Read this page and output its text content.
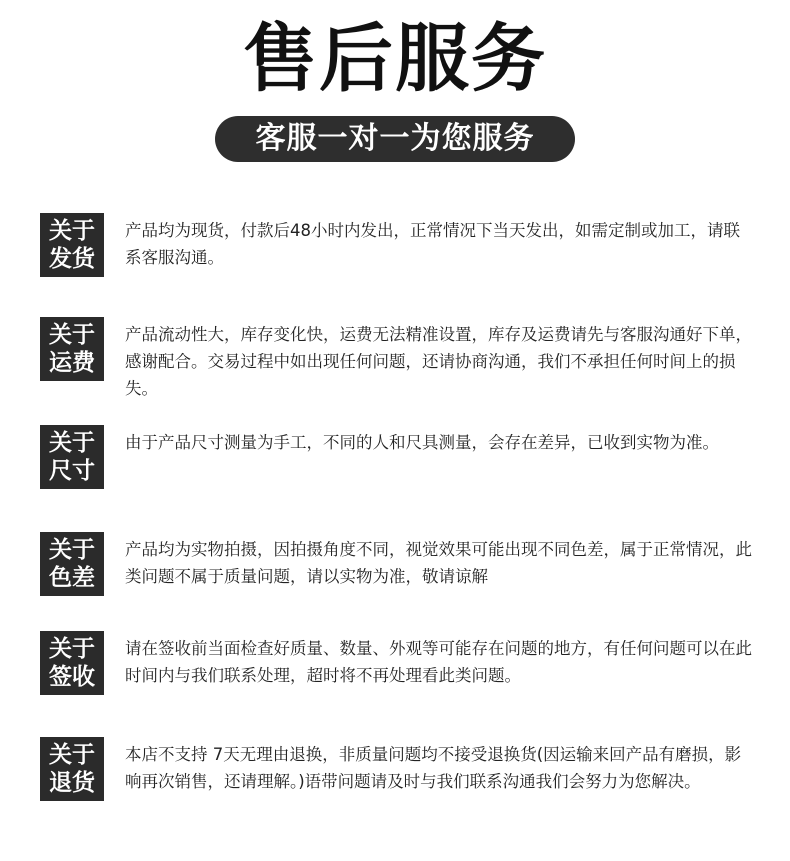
售后服务
客服一对一为您服务
关于
发货
产品均为现货，付款后48小时内发出，正常情况下当天发出，如需定制或加工，请联系客服沟通。
关于
运费
产品流动性大，库存变化快，运费无法精准设置，库存及运费请先与客服沟通好下单，感谢配合。交易过程中如出现任何问题，还请协商沟通，我们不承担任何时间上的损失。
关于
尺寸
由于产品尺寸测量为手工，不同的人和尺具测量，会存在差异，已收到实物为准。
关于
色差
产品均为实物拍摄，因拍摄角度不同，视觉效果可能出现不同色差，属于正常情况，此类问题不属于质量问题，请以实物为准，敬请谅解
关于
签收
请在签收前当面检查好质量、数量、外观等可能存在问题的地方，有任何问题可以在此时间内与我们联系处理，超时将不再处理看此类问题。
关于
退货
本店不支持 7天无理由退换，非质量问题均不接受退换货(因运输来回产品有磨损，影响再次销售，还请理解。)语带问题请及时与我们联系沟通我们会努力为您解决。
